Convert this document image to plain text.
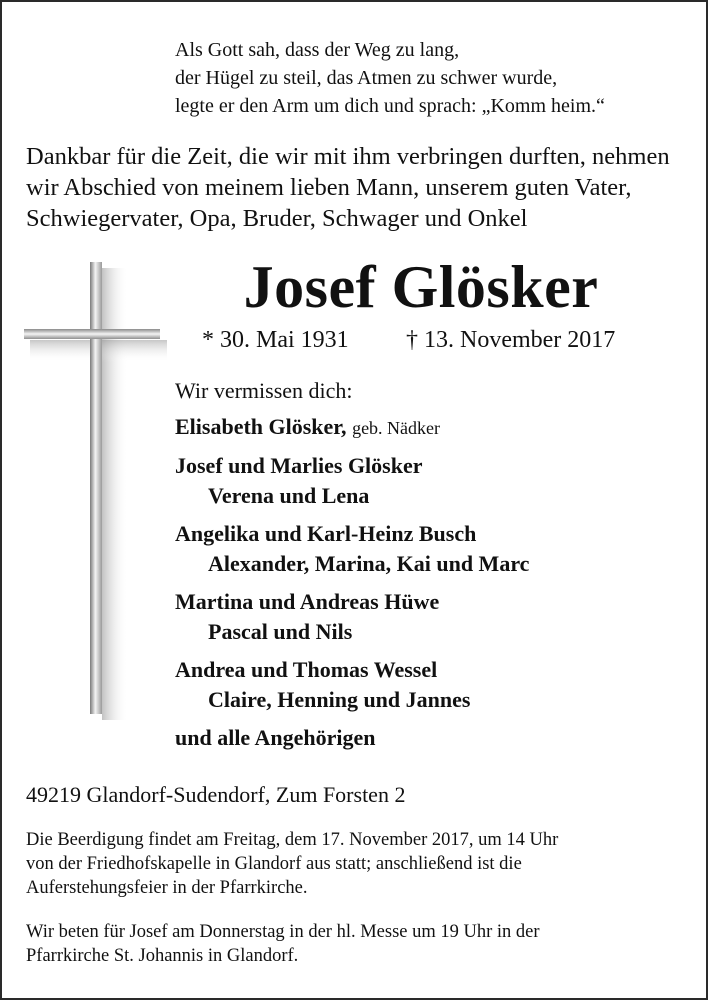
Als Gott sah, dass der Weg zu lang,
der Hügel zu steil, das Atmen zu schwer wurde,
legte er den Arm um dich und sprach: „Komm heim.“
Dankbar für die Zeit, die wir mit ihm verbringen durften, nehmen
wir Abschied von meinem lieben Mann, unserem guten Vater,
Schwiegervater, Opa, Bruder, Schwager und Onkel
Josef Glösker
* 30. Mai 1931 † 13. November 2017
Wir vermissen dich:
Elisabeth Glösker, geb. Nädker
Josef und Marlies Glösker
Verena und Lena
Angelika und Karl-Heinz Busch
Alexander, Marina, Kai und Marc
Martina und Andreas Hüwe
Pascal und Nils
Andrea und Thomas Wessel
Claire, Henning und Jannes
und alle Angehörigen
49219 Glandorf-Sudendorf, Zum Forsten 2
Die Beerdigung findet am Freitag, dem 17. November 2017, um 14 Uhr
von der Friedhofskapelle in Glandorf aus statt; anschließend ist die
Auferstehungsfeier in der Pfarrkirche.
Wir beten für Josef am Donnerstag in der hl. Messe um 19 Uhr in der
Pfarrkirche St. Johannis in Glandorf.
